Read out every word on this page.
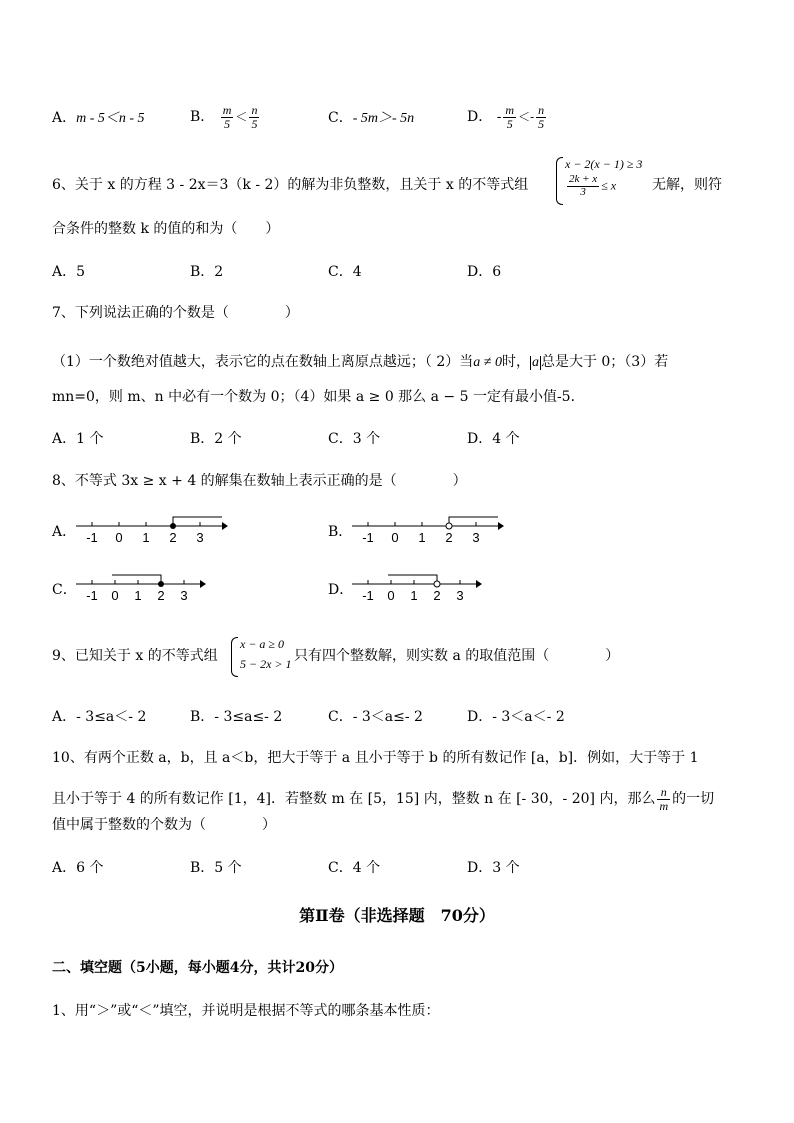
A．m - 5＜n - 5	B． $\frac{m}{5} < \frac{n}{5}$	C．- 5m＞- 5n	D． - $\frac{m}{5} <- \frac{n}{5}$
6、关于 x 的方程 3 - 2x＝3（k - 2）的解为非负整数，且关于 x 的不等式组
x − 2(x − 1) ≥ 3
$\frac{2k + x}{3} \le x$	无解，则符
合条件的整数 k 的值的和为（　　）
A．5	B．2	C．4	D．6
7、下列说法正确的个数是（　　　　）
（1）一个数绝对值越大，表示它的点在数轴上离原点越远；（ 2）当a ≠ 0时， a 总是大于 0；（3）若
mn=0，则 m、n 中必有一个数为 0；（4）如果 a ≥ 0 那么 a − 5 一定有最小值-5．
A．1 个	B．2 个	C．3 个	D．4 个
8、不等式 3x ≥ x + 4 的解集在数轴上表示正确的是（　　　　）
A． -1 0 1 2 3	B． -1 0 1 2 3
C． -1 0 1 2 3	D． -1 0 1 2 3
9、已知关于 x 的不等式组
x − a ≥ 0
5 − 2x > 1 只有四个整数解，则实数 a 的取值范围（　　　　）
A．- 3≤a＜- 2	B．- 3≤a≤- 2	C．- 3＜a≤- 2	D．- 3＜a＜- 2
10、有两个正数 a，b，且 a＜b，把大于等于 a 且小于等于 b 的所有数记作 [a，b]．例如，大于等于 1
且小于等于 4 的所有数记作 [1，4]．若整数 m 在 [5，15] 内，整数 n 在 [- 30，- 20] 内，那么 $\frac{n}{m}$ 的一切
值中属于整数的个数为（　　　　）
A．6 个	B．5 个	C．4 个	D．3 个
第Ⅱ卷（非选择题　70分）
二、填空题（5小题，每小题4分，共计20分）
1、用“＞”或“＜”填空，并说明是根据不等式的哪条基本性质：
